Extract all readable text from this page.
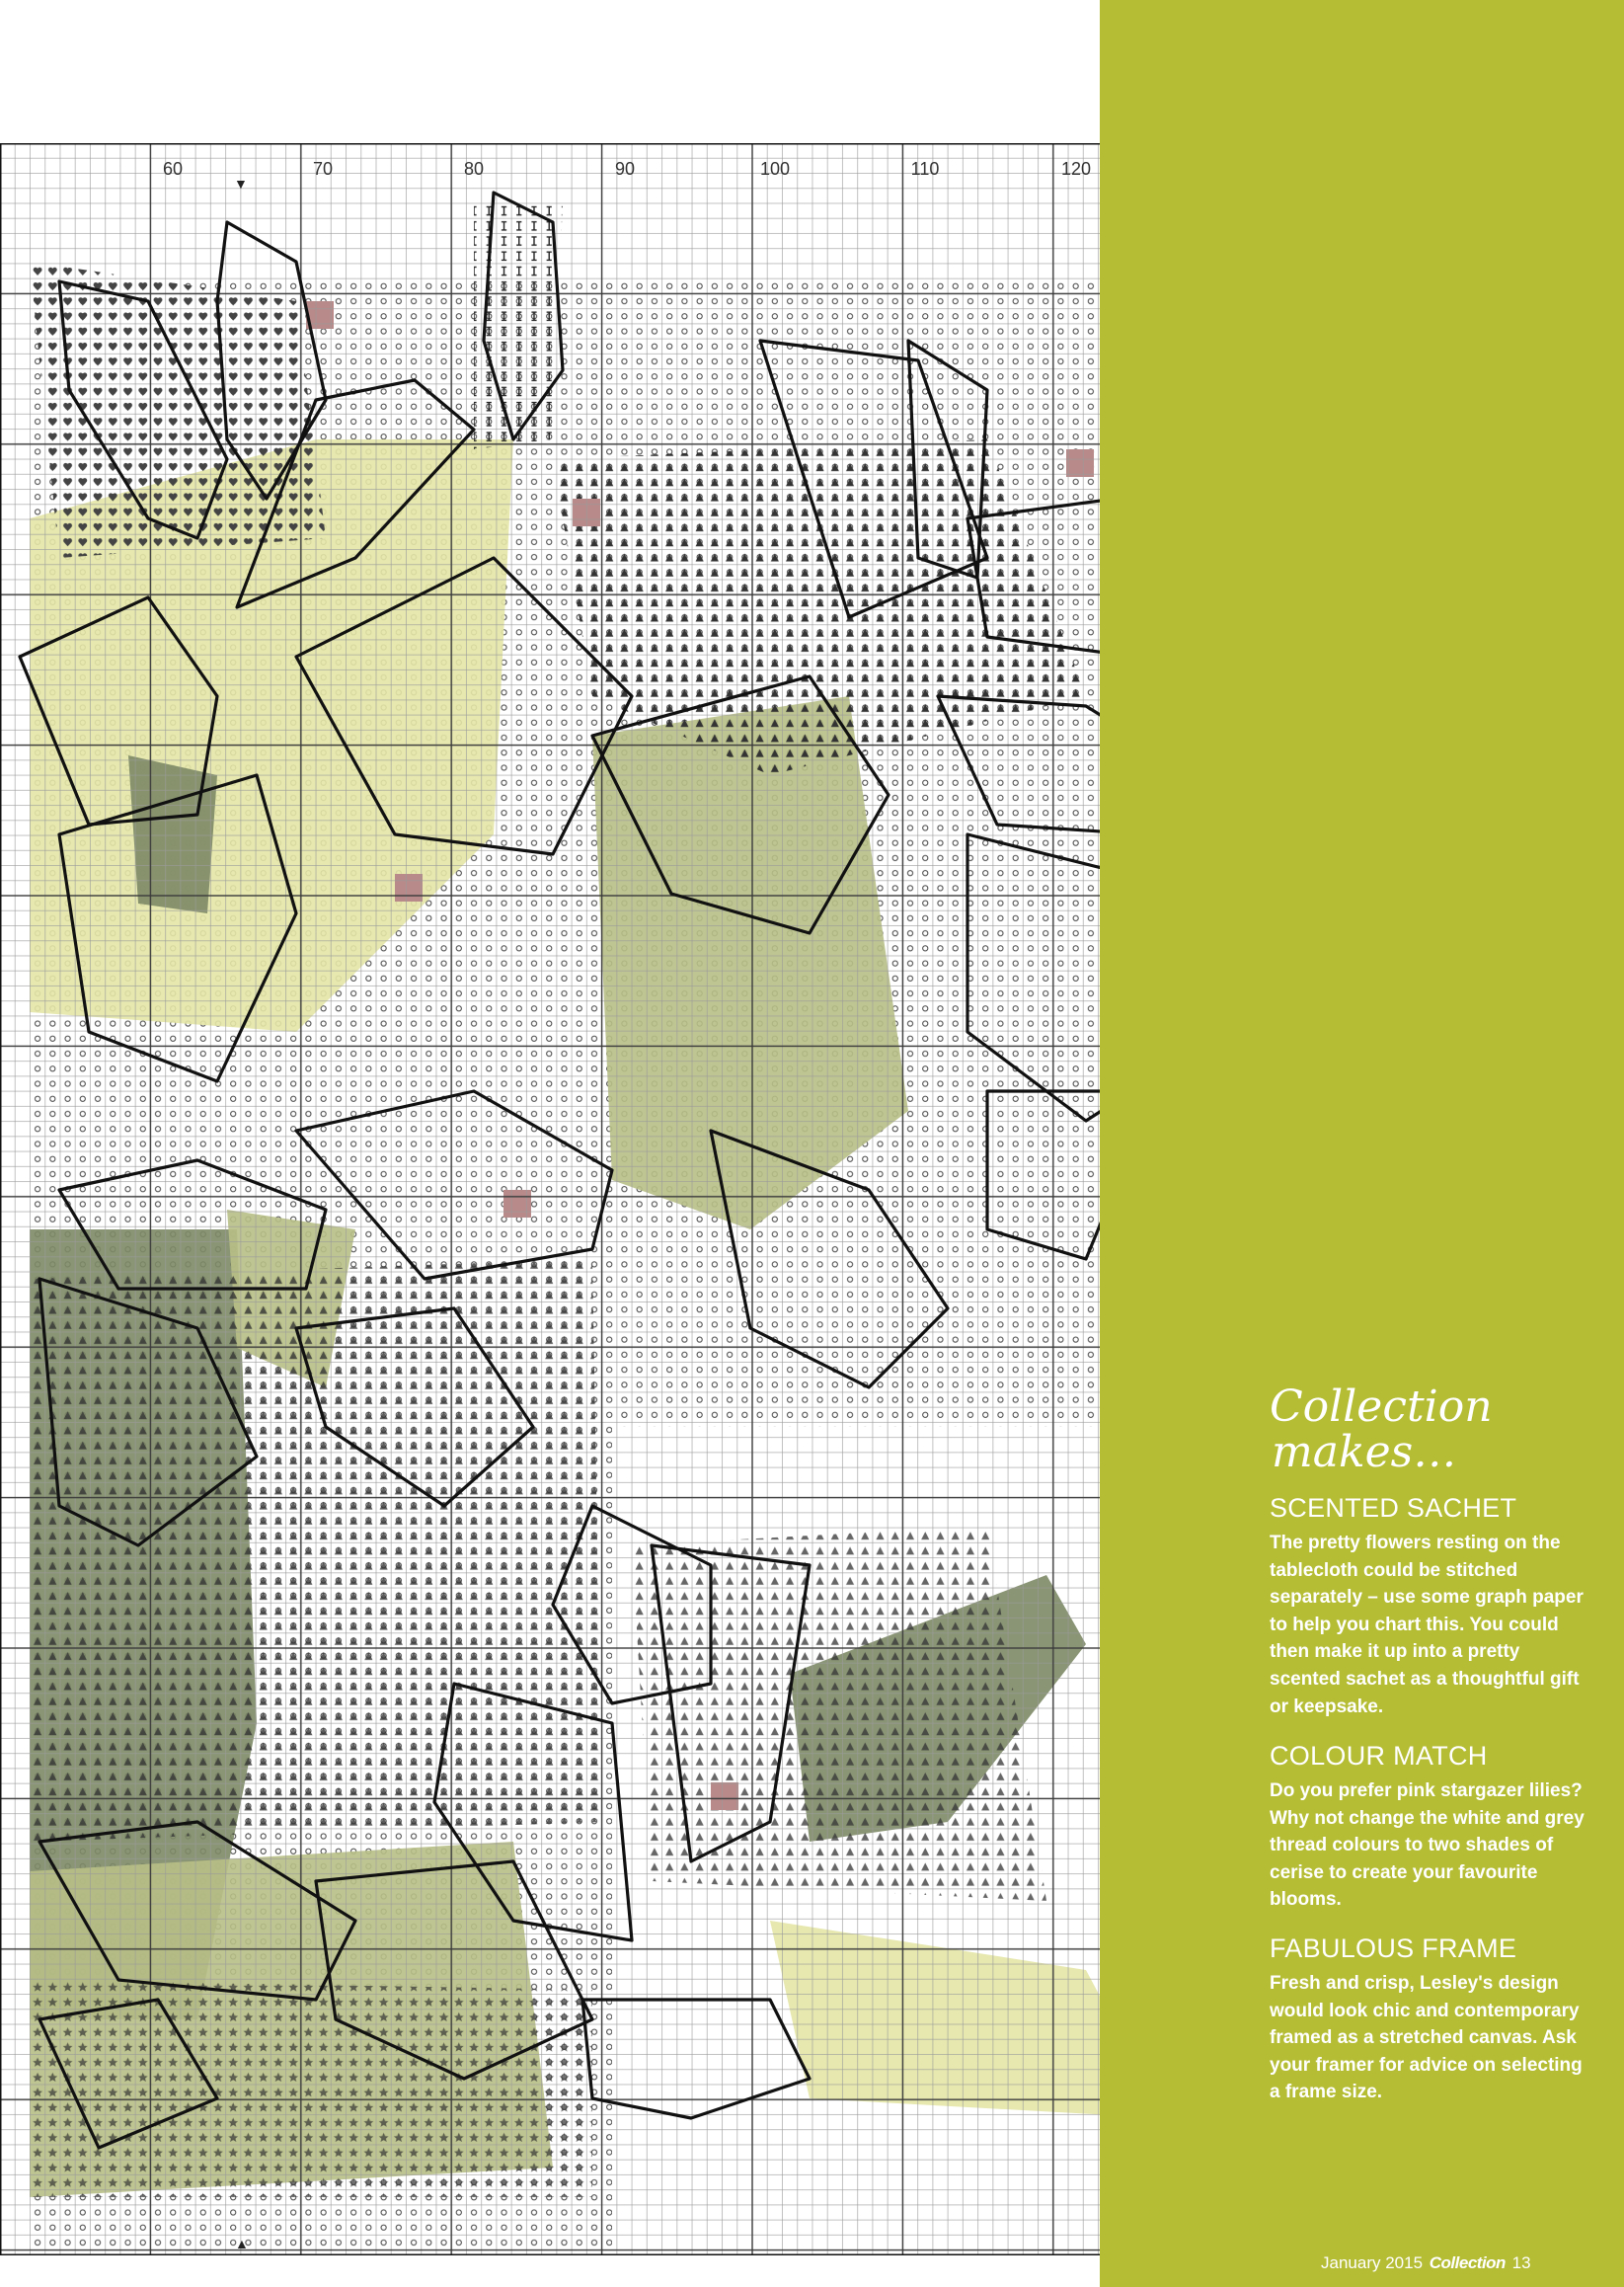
60	70	80	90	100	110	120
▼
▲
Collection
makes…
SCENTED SACHET

The pretty flowers resting on the tablecloth could be stitched separately – use some graph paper to help you chart this. You could then make it up into a pretty scented sachet as a thoughtful gift or keepsake.

COLOUR MATCH

Do you prefer pink stargazer lilies? Why not change the white and grey thread colours to two shades of cerise to create your favourite blooms.

FABULOUS FRAME

Fresh and crisp, Lesley's design would look chic and contemporary framed as a stretched canvas. Ask your framer for advice on selecting a frame size.

January 2015 Collection 13
